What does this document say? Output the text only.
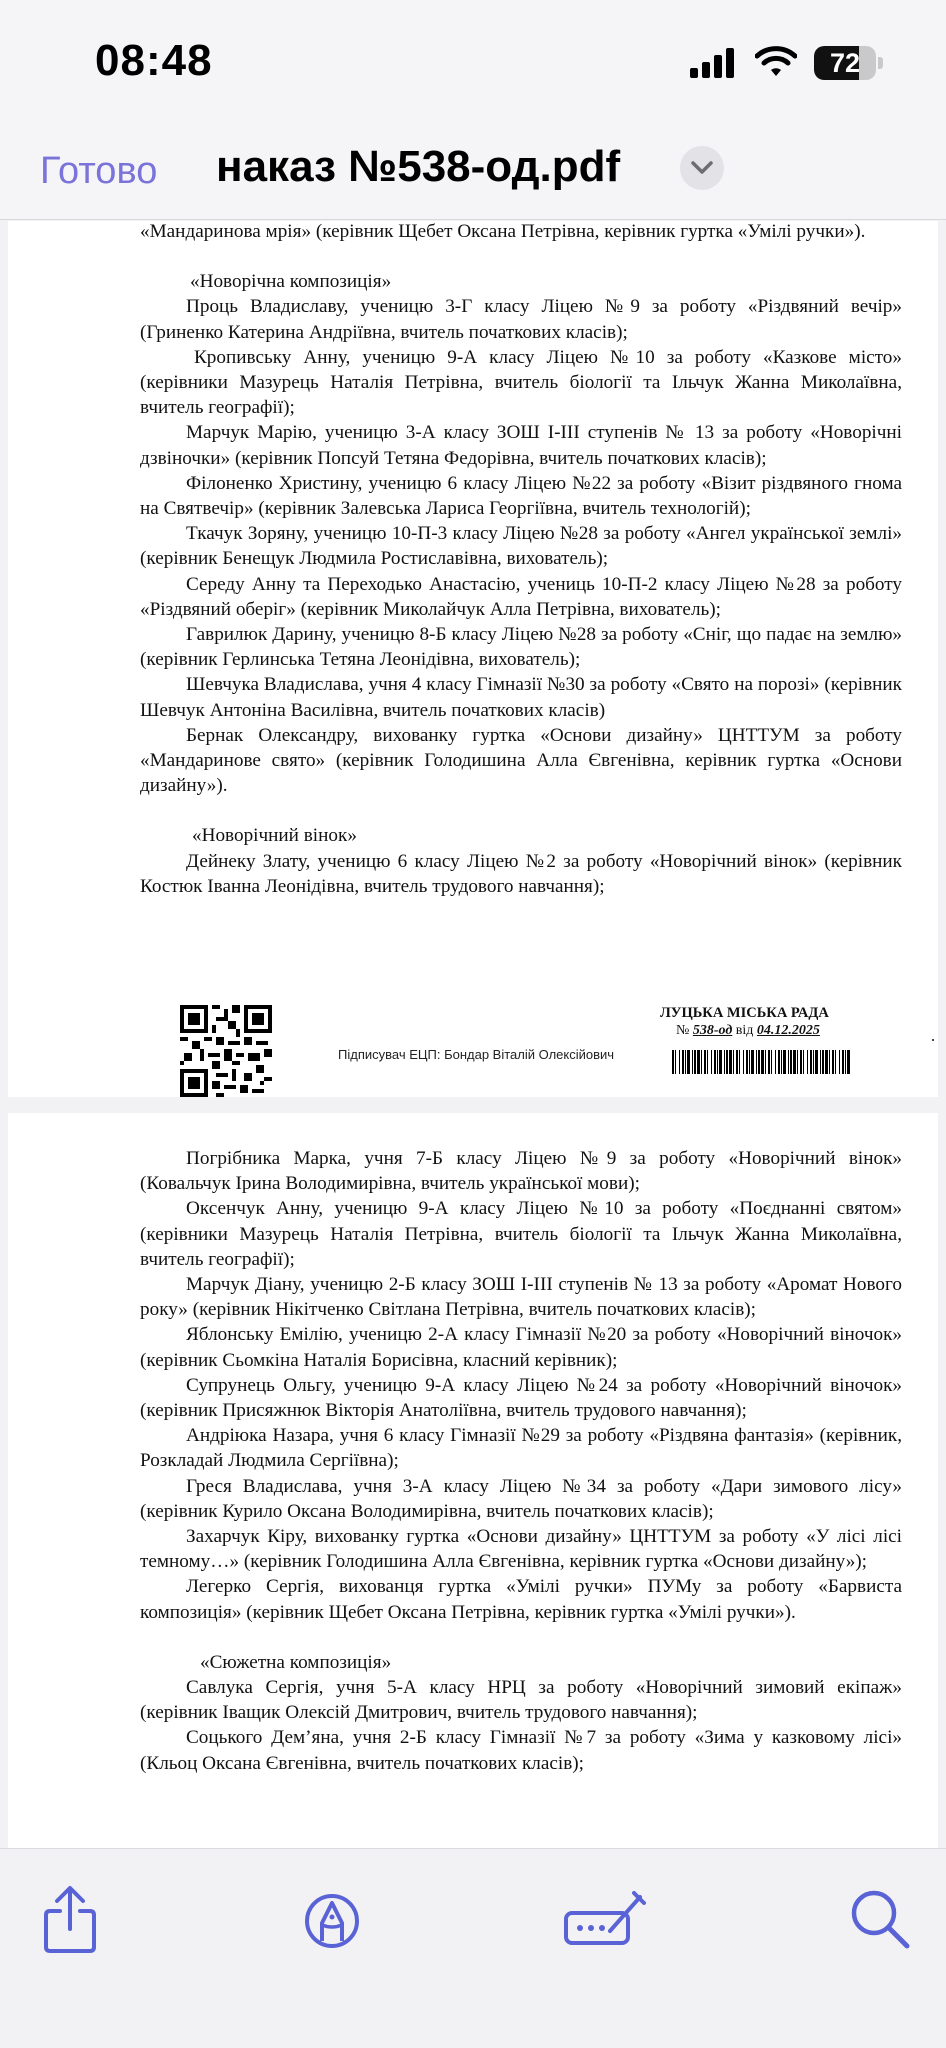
08:48	72
Готово наказ №538-од.pdf

«Мандаринова мрія» (керівник Щебет Оксана Петрівна, керівник гуртка «Умілі ручки»).

«Новорічна композиція»

Проць Владиславу, ученицю 3-Г класу Ліцею №9 за роботу «Різдвяний вечір» (Гриненко Катерина Андріївна, вчитель початкових класів);

Кропивську Анну, ученицю 9-А класу Ліцею №10 за роботу «Казкове місто» (керівники Мазурець Наталія Петрівна, вчитель біології та Ільчук Жанна Миколаївна, вчитель географії);

Марчук Марію, ученицю 3-А класу ЗОШ І-ІІІ ступенів № 13 за роботу «Новорічні дзвіночки» (керівник Попсуй Тетяна Федорівна, вчитель початкових класів);

Філоненко Христину, ученицю 6 класу Ліцею №22 за роботу «Візит різдвяного гнома на Святвечір» (керівник Залевська Лариса Георгіївна, вчитель технологій);

Ткачук Зоряну, ученицю 10-П-3 класу Ліцею №28 за роботу «Ангел української землі» (керівник Бенещук Людмила Ростиславівна, вихователь);

Середу Анну та Переходько Анастасію, учениць 10-П-2 класу Ліцею №28 за роботу «Різдвяний оберіг» (керівник Миколайчук Алла Петрівна, вихователь);

Гаврилюк Дарину, ученицю 8-Б класу Ліцею №28 за роботу «Сніг, що падає на землю» (керівник Герлинська Тетяна Леонідівна, вихователь);

Шевчука Владислава, учня 4 класу Гімназії №30 за роботу «Свято на порозі» (керівник Шевчук Антоніна Василівна, вчитель початкових класів)

Бернак Олександру, вихованку гуртка «Основи дизайну» ЦНТТУМ за роботу «Мандаринове свято» (керівник Голодишина Алла Євгенівна, керівник гуртка «Основи дизайну»).

«Новорічний вінок»

Дейнеку Злату, ученицю 6 класу Ліцею №2 за роботу «Новорічний вінок» (керівник Костюк Іванна Леонідівна, вчитель трудового навчання);

Підписувач ЕЦП: Бондар Віталій Олексійович
ЛУЦЬКА МІСЬКА РАДА
№ 538-од від 04.12.2025

Погрібника Марка, учня 7-Б класу Ліцею №9 за роботу «Новорічний вінок» (Ковальчук Ірина Володимирівна, вчитель української мови);

Оксенчук Анну, ученицю 9-А класу Ліцею №10 за роботу «Поєднанні святом» (керівники Мазурець Наталія Петрівна, вчитель біології та Ільчук Жанна Миколаївна, вчитель географії);

Марчук Діану, ученицю 2-Б класу ЗОШ І-ІІІ ступенів № 13 за роботу «Аромат Нового року» (керівник Нікітченко Світлана Петрівна, вчитель початкових класів);

Яблонську Емілію, ученицю 2-А класу Гімназії №20 за роботу «Новорічний віночок» (керівник Сьомкіна Наталія Борисівна, класний керівник);

Супрунець Ольгу, ученицю 9-А класу Ліцею №24 за роботу «Новорічний віночок» (керівник Присяжнюк Вікторія Анатоліївна, вчитель трудового навчання);

Андріюка Назара, учня 6 класу Гімназії №29 за роботу «Різдвяна фантазія» (керівник, Розкладай Людмила Сергіївна);

Греся Владислава, учня 3-А класу Ліцею №34 за роботу «Дари зимового лісу» (керівник Курило Оксана Володимирівна, вчитель початкових класів);

Захарчук Кіру, вихованку гуртка «Основи дизайну» ЦНТТУМ за роботу «У лісі лісі темному…» (керівник Голодишина Алла Євгенівна, керівник гуртка «Основи дизайну»);

Легерко Сергія, вихованця гуртка «Умілі ручки» ПУМу за роботу «Барвиста композиція» (керівник Щебет Оксана Петрівна, керівник гуртка «Умілі ручки»).

«Сюжетна композиція»

Савлука Сергія, учня 5-А класу НРЦ за роботу «Новорічний зимовий екіпаж» (керівник Іващик Олексій Дмитрович, вчитель трудового навчання);

Соцького Дем’яна, учня 2-Б класу Гімназії №7 за роботу «Зима у казковому лісі» (Кльоц Оксана Євгенівна, вчитель початкових класів);
